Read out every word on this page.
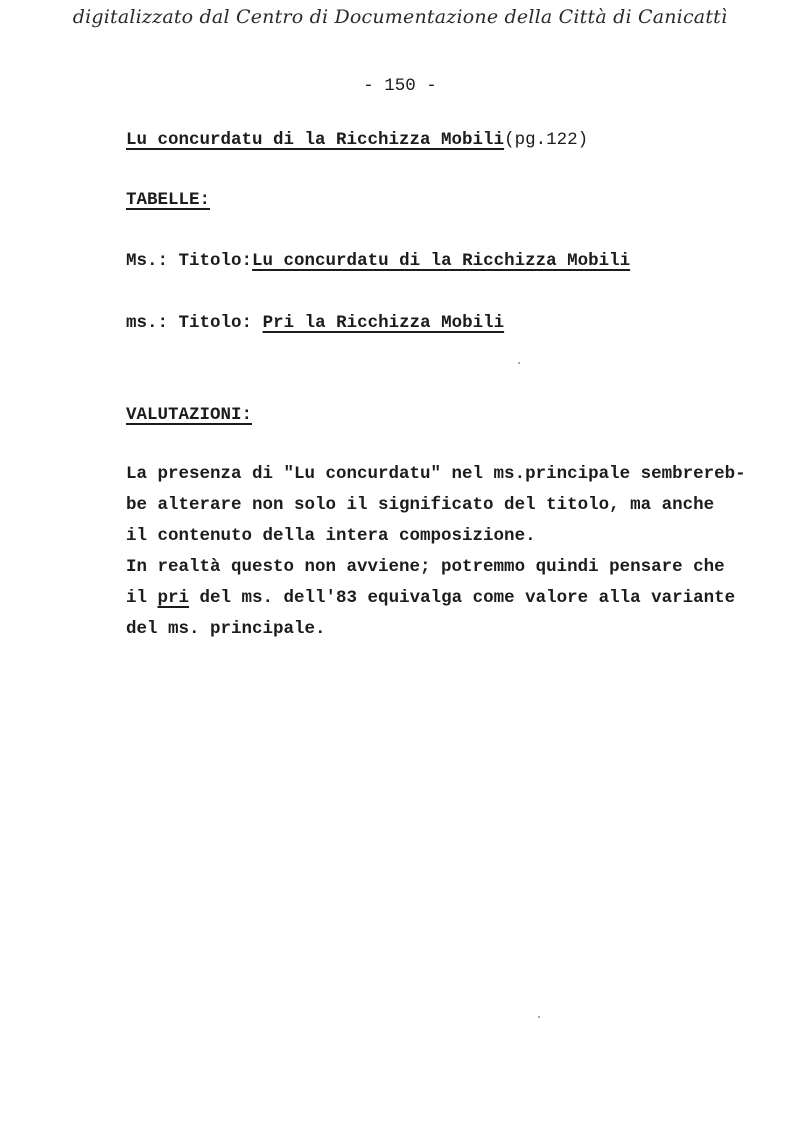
digitalizzato dal Centro di Documentazione della Città di Canicattì
- 150 -
Lu concurdatu di la Ricchizza Mobili(pg.122)
TABELLE:
Ms.: Titolo:Lu concurdatu di la Ricchizza Mobili
ms.: Titolo: Pri la Ricchizza Mobili
VALUTAZIONI:
La presenza di "Lu concurdatu" nel ms.principale sembrereb-
be alterare non solo il significato del titolo, ma anche
il contenuto della intera composizione.
In realtà questo non avviene; potremmo quindi pensare che
il pri del ms. dell'83 equivalga come valore alla variante
del ms. principale.
